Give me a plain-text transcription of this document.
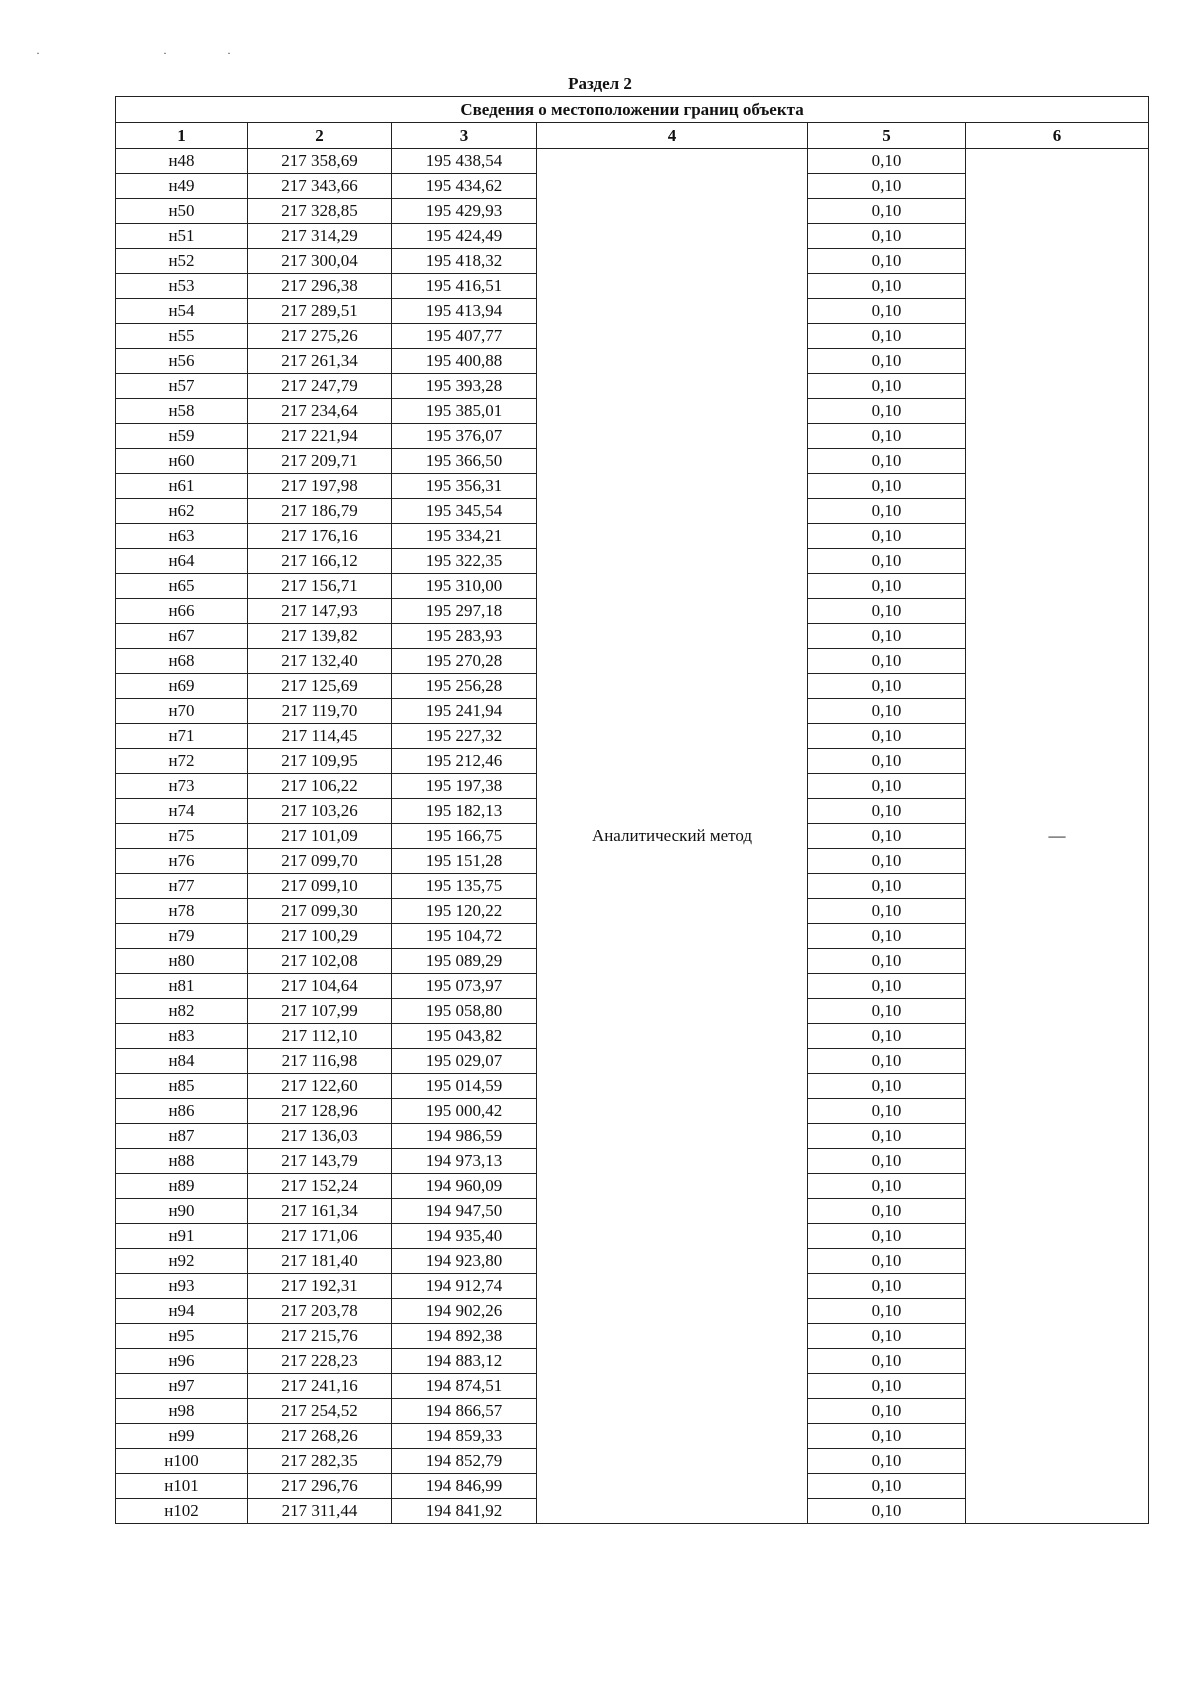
· ··
Раздел 2
Сведения о местоположении границ объекта					
1	2	3	4	5	6
н48	217 358,69	195 438,54	Аналитический метод	0,10	—
н49	217 343,66	195 434,62		0,10	
н50	217 328,85	195 429,93		0,10	
н51	217 314,29	195 424,49		0,10	
н52	217 300,04	195 418,32		0,10	
н53	217 296,38	195 416,51		0,10	
н54	217 289,51	195 413,94		0,10	
н55	217 275,26	195 407,77		0,10	
н56	217 261,34	195 400,88		0,10	
н57	217 247,79	195 393,28		0,10	
н58	217 234,64	195 385,01		0,10	
н59	217 221,94	195 376,07		0,10	
н60	217 209,71	195 366,50		0,10	
н61	217 197,98	195 356,31		0,10	
н62	217 186,79	195 345,54		0,10	
н63	217 176,16	195 334,21		0,10	
н64	217 166,12	195 322,35		0,10	
н65	217 156,71	195 310,00		0,10	
н66	217 147,93	195 297,18		0,10	
н67	217 139,82	195 283,93		0,10	
н68	217 132,40	195 270,28		0,10	
н69	217 125,69	195 256,28		0,10	
н70	217 119,70	195 241,94		0,10	
н71	217 114,45	195 227,32		0,10	
н72	217 109,95	195 212,46		0,10	
н73	217 106,22	195 197,38		0,10	
н74	217 103,26	195 182,13		0,10	
н75	217 101,09	195 166,75		0,10	
н76	217 099,70	195 151,28		0,10	
н77	217 099,10	195 135,75		0,10	
н78	217 099,30	195 120,22		0,10	
н79	217 100,29	195 104,72		0,10	
н80	217 102,08	195 089,29		0,10	
н81	217 104,64	195 073,97		0,10	
н82	217 107,99	195 058,80		0,10	
н83	217 112,10	195 043,82		0,10	
н84	217 116,98	195 029,07		0,10	
н85	217 122,60	195 014,59		0,10	
н86	217 128,96	195 000,42		0,10	
н87	217 136,03	194 986,59		0,10	
н88	217 143,79	194 973,13		0,10	
н89	217 152,24	194 960,09		0,10	
н90	217 161,34	194 947,50		0,10	
н91	217 171,06	194 935,40		0,10	
н92	217 181,40	194 923,80		0,10	
н93	217 192,31	194 912,74		0,10	
н94	217 203,78	194 902,26		0,10	
н95	217 215,76	194 892,38		0,10	
н96	217 228,23	194 883,12		0,10	
н97	217 241,16	194 874,51		0,10	
н98	217 254,52	194 866,57		0,10	
н99	217 268,26	194 859,33		0,10	
н100	217 282,35	194 852,79		0,10	
н101	217 296,76	194 846,99		0,10	
н102	217 311,44	194 841,92		0,10	
